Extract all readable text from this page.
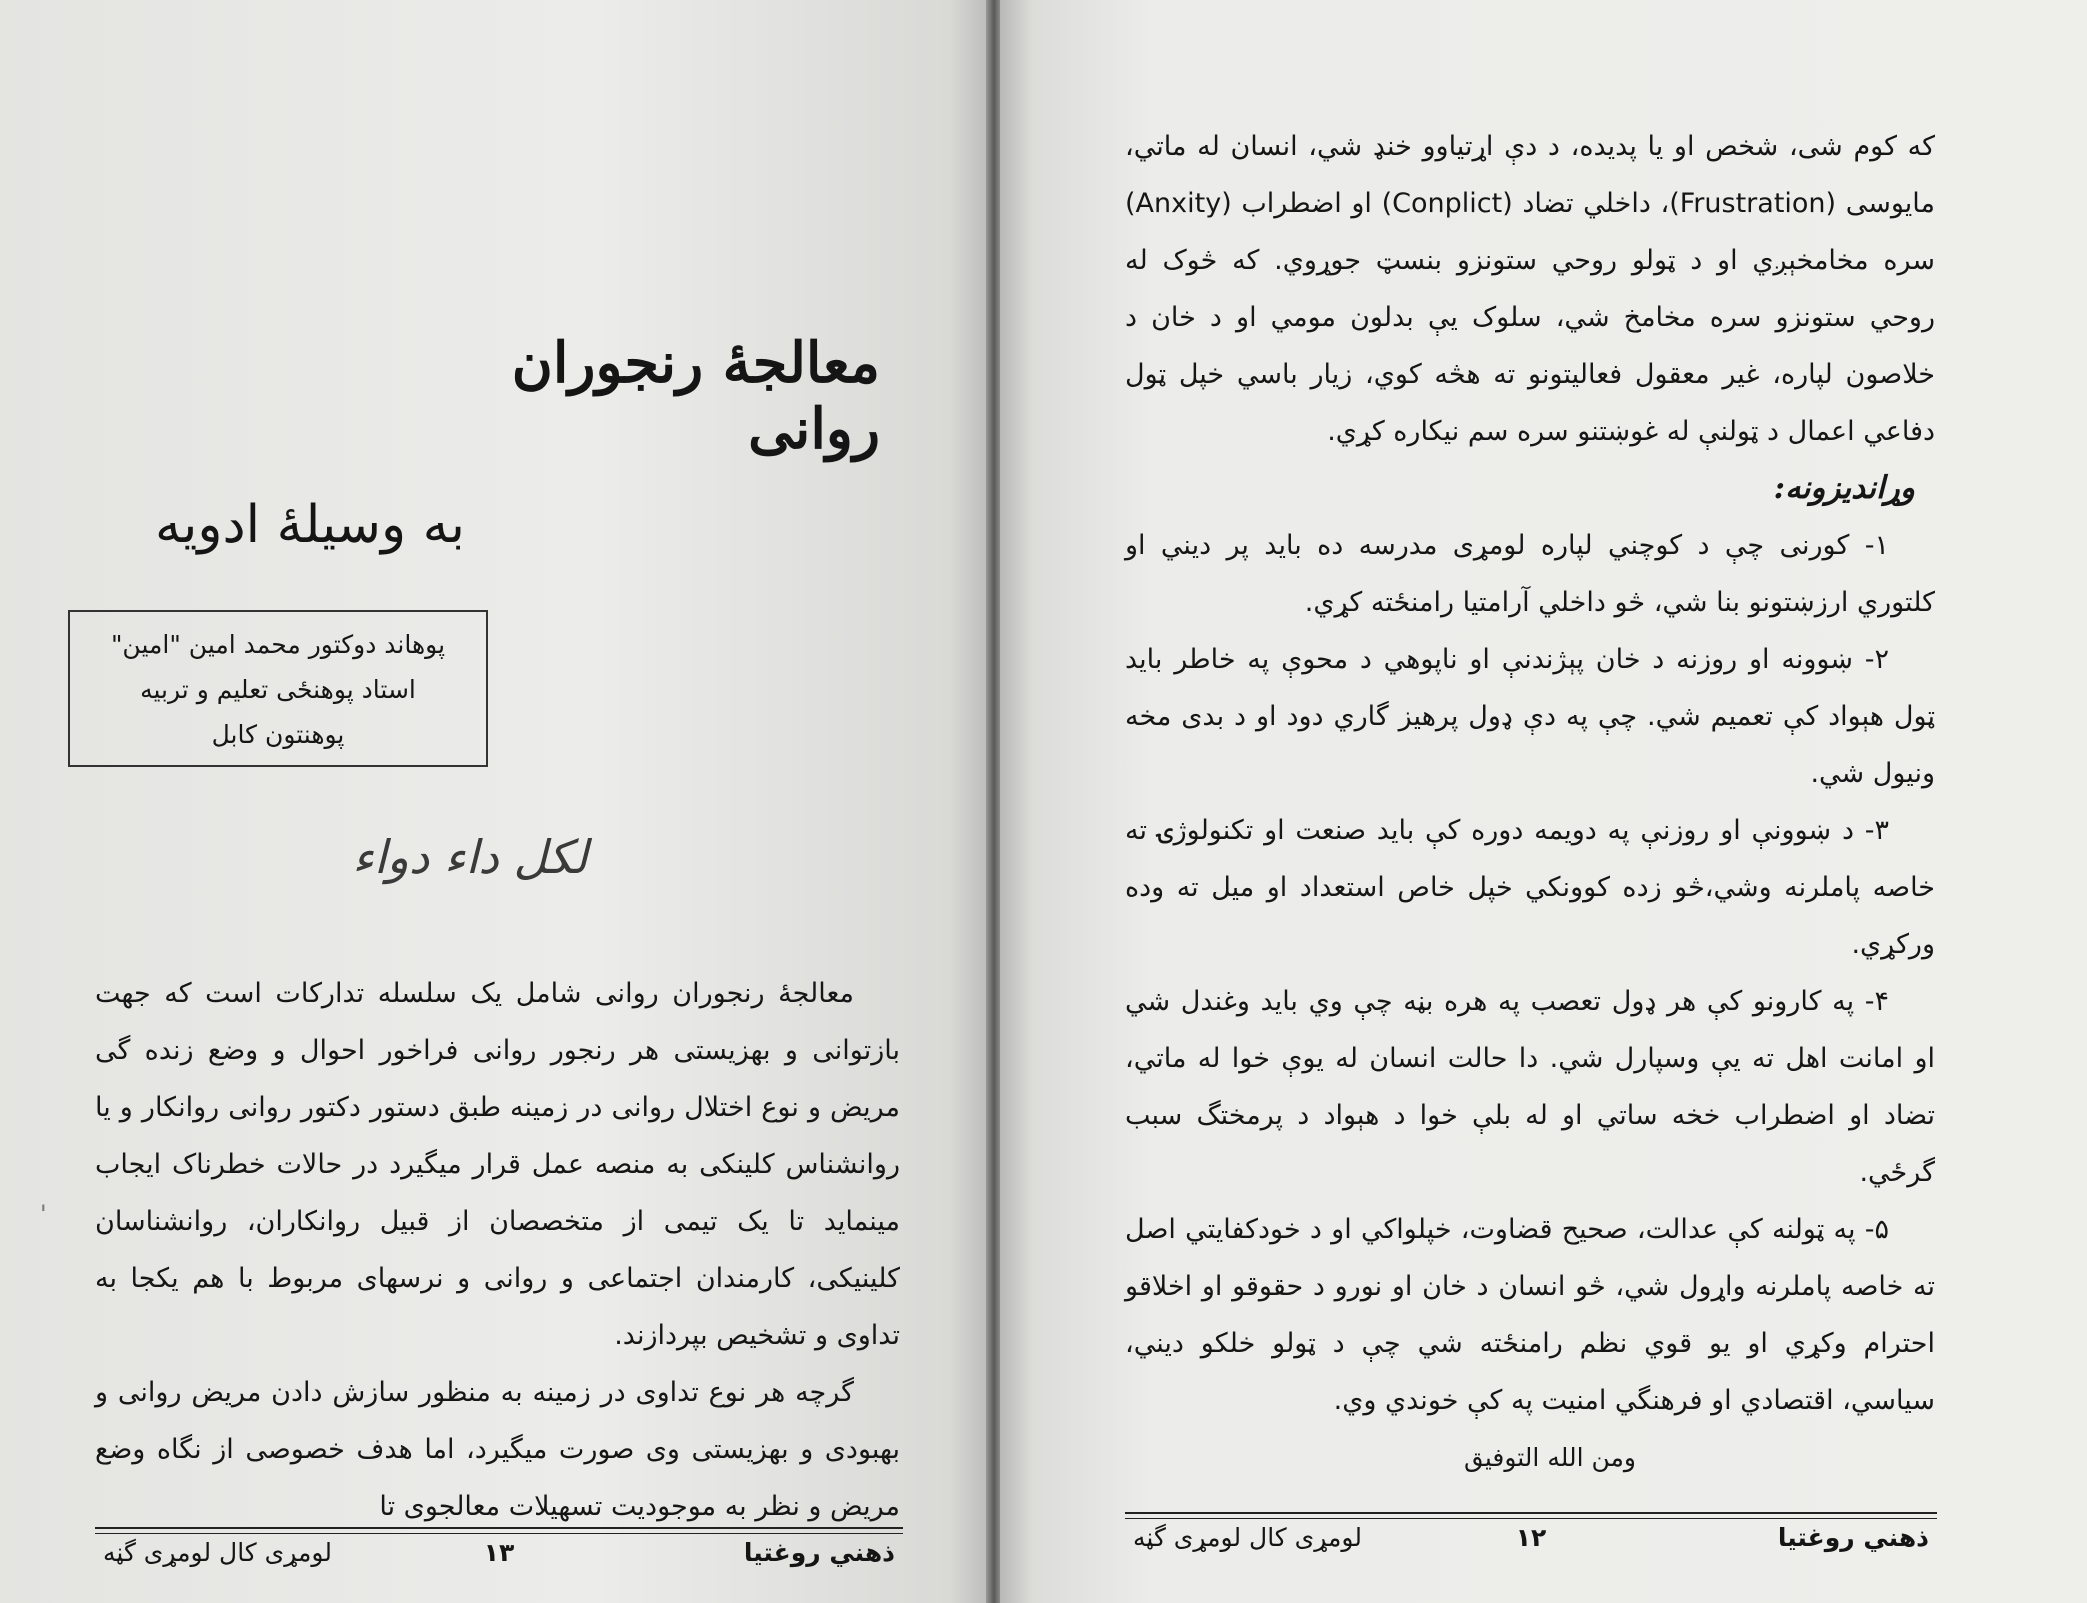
معالجهٔ رنجوران روانی
به وسیلهٔ ادویه
پوهاند دوکتور محمد امین "امین"
استاد پوهنځی تعلیم و تربیه
پوهنتون کابل
لکل داء دواء

معالجهٔ رنجوران روانی شامل یک سلسله تدارکات است که جهت بازتوانی و بهزیستی هر رنجور روانی فراخور احوال و وضع زنده گی مریض و نوع اختلال روانی در زمینه طبق دستور دکتور روانی روانکار و یا روانشناس کلینکی به منصه عمل قرار میگیرد در حالات خطرناک ایجاب مینماید تا یک تیمی از متخصصان از قبیل روانکاران، روانشناسان کلینیکی، کارمندان اجتماعی و روانی و نرسهای مربوط با هم یکجا به تداوی و تشخیص بپردازند.

گرچه هر نوع تداوی در زمینه به منظور سازش دادن مریض روانی و بهبودی و بهزیستی وی صورت میگیرد، اما هدف خصوصی از نگاه وضع مریض و نظر به موجودیت تسهیلات معالجوی تا

'
ذهني روغتیا
۱۳
لومړی کال لومړی گڼه

که کوم شی، شخص او یا پدیده، د دې اړتیاوو خنډ شي، انسان له ماتي، مایوسی (Frustration)، داخلي تضاد (Conplict) او اضطراب (Anxity) سره مخامخېږي او د ټولو روحي ستونزو بنسټ جوړوي. که څوک له روحي ستونزو سره مخامخ شي، سلوک یې بدلون مومي او د خان د خلاصون لپاره، غیر معقول فعالیتونو ته هڅه کوي، زیار باسي خپل ټول دفاعي اعمال د ټولنې له غوښتنو سره سم نیکاره کړي.

وړاندیزونه:

۱- کورنی چې د کوچني لپاره لومړی مدرسه ده باید پر دیني او کلتوري ارزښتونو بنا شي، څو داخلي آرامتیا رامنځته کړي.

۲- ښوونه او روزنه د خان پېژندنې او ناپوهي د محوې په خاطر باید ټول هېواد کې تعمیم شي. چې په دې ډول پرهیز گاري دود او د بدی مخه ونیول شي.

۳- د ښوونې او روزنې په دویمه دوره کې باید صنعت او تکنولوژۍ ته خاصه پاملرنه وشي،څو زده کوونکي خپل خاص استعداد او میل ته وده ورکړي.

۴- په کارونو کې هر ډول تعصب په هره بڼه چې وي باید وغندل شي او امانت اهل ته یې وسپارل شي. دا حالت انسان له یوې خوا له ماتي، تضاد او اضطراب خخه ساتي او له بلې خوا د هېواد د پرمختگ سبب گرځي.

۵- په ټولنه کې عدالت، صحیح قضاوت، خپلواکي او د خودکفایتي اصل ته خاصه پاملرنه واړول شي، څو انسان د خان او نورو د حقوقو او اخلاقو احترام وکړي او یو قوي نظم رامنځته شي چې د ټولو خلکو دیني، سیاسي، اقتصادي او فرهنگي امنیت په کې خوندي وي.

ومن الله التوفیق

ذهني روغتیا
۱۲
لومړی کال لومړی گڼه
